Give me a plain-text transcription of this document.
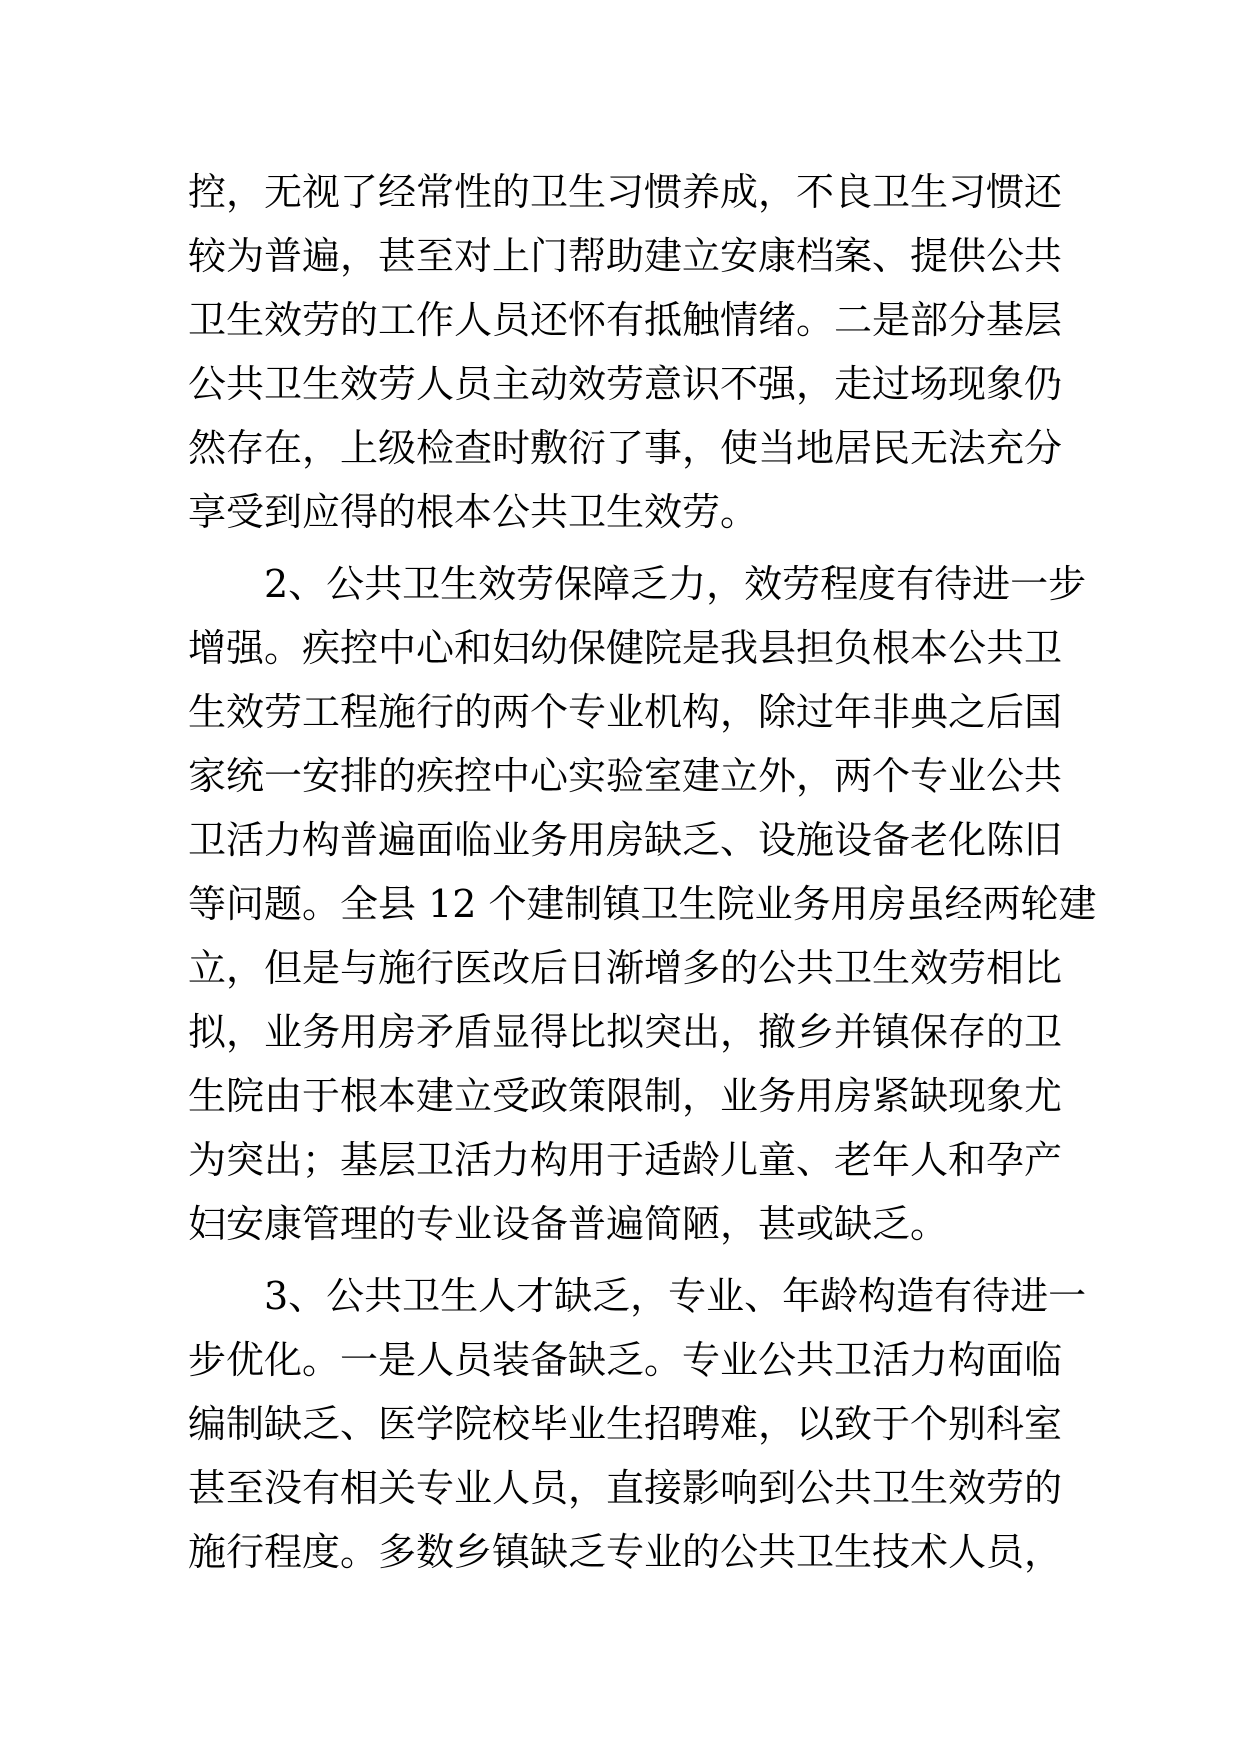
控，无视了经常性的卫生习惯养成，不良卫生习惯还
较为普遍，甚至对上门帮助建立安康档案、提供公共
卫生效劳的工作人员还怀有抵触情绪。二是部分基层
公共卫生效劳人员主动效劳意识不强，走过场现象仍
然存在，上级检查时敷衍了事，使当地居民无法充分
享受到应得的根本公共卫生效劳。
2、公共卫生效劳保障乏力，效劳程度有待进一步
增强。疾控中心和妇幼保健院是我县担负根本公共卫
生效劳工程施行的两个专业机构，除过年非典之后国
家统一安排的疾控中心实验室建立外，两个专业公共
卫活力构普遍面临业务用房缺乏、设施设备老化陈旧
等问题。全县 12 个建制镇卫生院业务用房虽经两轮建
立，但是与施行医改后日渐增多的公共卫生效劳相比
拟，业务用房矛盾显得比拟突出，撤乡并镇保存的卫
生院由于根本建立受政策限制，业务用房紧缺现象尤
为突出；基层卫活力构用于适龄儿童、老年人和孕产
妇安康管理的专业设备普遍简陋，甚或缺乏。
3、公共卫生人才缺乏，专业、年龄构造有待进一
步优化。一是人员装备缺乏。专业公共卫活力构面临
编制缺乏、医学院校毕业生招聘难，以致于个别科室
甚至没有相关专业人员，直接影响到公共卫生效劳的
施行程度。多数乡镇缺乏专业的公共卫生技术人员，
